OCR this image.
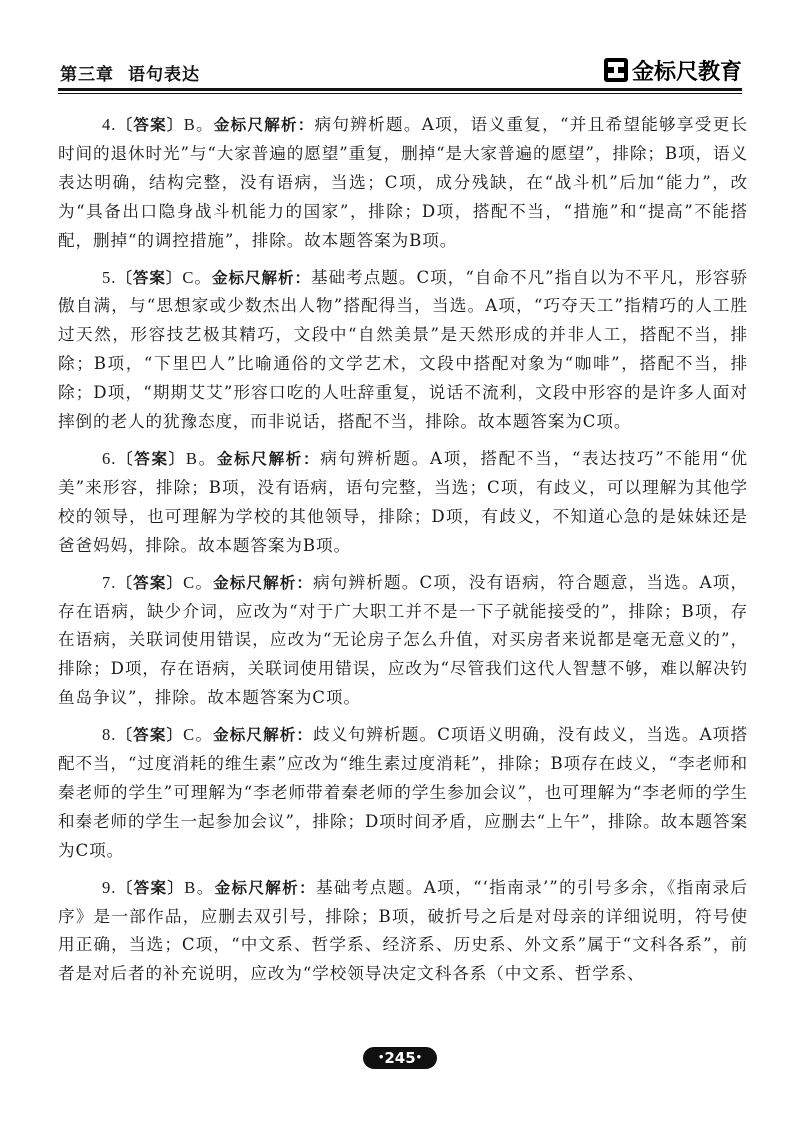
第三章 语句表达	金标尺教育

4.〔答案〕B。金标尺解析：病句辨析题。A项，语义重复，“并且希望能够享受更长时间的退休时光”与“大家普遍的愿望”重复，删掉“是大家普遍的愿望”，排除；B项，语义表达明确，结构完整，没有语病，当选；C项，成分残缺，在“战斗机”后加“能力”，改为“具备出口隐身战斗机能力的国家”，排除；D项，搭配不当，“措施”和“提高”不能搭配，删掉“的调控措施”，排除。故本题答案为B项。

5.〔答案〕C。金标尺解析：基础考点题。C项，“自命不凡”指自以为不平凡，形容骄傲自满，与“思想家或少数杰出人物”搭配得当，当选。A项，“巧夺天工”指精巧的人工胜过天然，形容技艺极其精巧，文段中“自然美景”是天然形成的并非人工，搭配不当，排除；B项，“下里巴人”比喻通俗的文学艺术，文段中搭配对象为“咖啡”，搭配不当，排除；D项，“期期艾艾”形容口吃的人吐辞重复，说话不流利，文段中形容的是许多人面对摔倒的老人的犹豫态度，而非说话，搭配不当，排除。故本题答案为C项。

6.〔答案〕B。金标尺解析：病句辨析题。A项，搭配不当，“表达技巧”不能用“优美”来形容，排除；B项，没有语病，语句完整，当选；C项，有歧义，可以理解为其他学校的领导，也可理解为学校的其他领导，排除；D项，有歧义，不知道心急的是妹妹还是爸爸妈妈，排除。故本题答案为B项。

7.〔答案〕C。金标尺解析：病句辨析题。C项，没有语病，符合题意，当选。A项，存在语病，缺少介词，应改为“对于广大职工并不是一下子就能接受的”，排除；B项，存在语病，关联词使用错误，应改为“无论房子怎么升值，对买房者来说都是毫无意义的”，排除；D项，存在语病，关联词使用错误，应改为“尽管我们这代人智慧不够，难以解决钓鱼岛争议”，排除。故本题答案为C项。

8.〔答案〕C。金标尺解析：歧义句辨析题。C项语义明确，没有歧义，当选。A项搭配不当，“过度消耗的维生素”应改为“维生素过度消耗”，排除；B项存在歧义，“李老师和秦老师的学生”可理解为“李老师带着秦老师的学生参加会议”，也可理解为“李老师的学生和秦老师的学生一起参加会议”，排除；D项时间矛盾，应删去“上午”，排除。故本题答案为C项。

9.〔答案〕B。金标尺解析：基础考点题。A项，“‘指南录’”的引号多余，《指南录后序》是一部作品，应删去双引号，排除；B项，破折号之后是对母亲的详细说明，符号使用正确，当选；C项，“中文系、哲学系、经济系、历史系、外文系”属于“文科各系”，前者是对后者的补充说明，应改为“学校领导决定文科各系（中文系、哲学系、

•245•
